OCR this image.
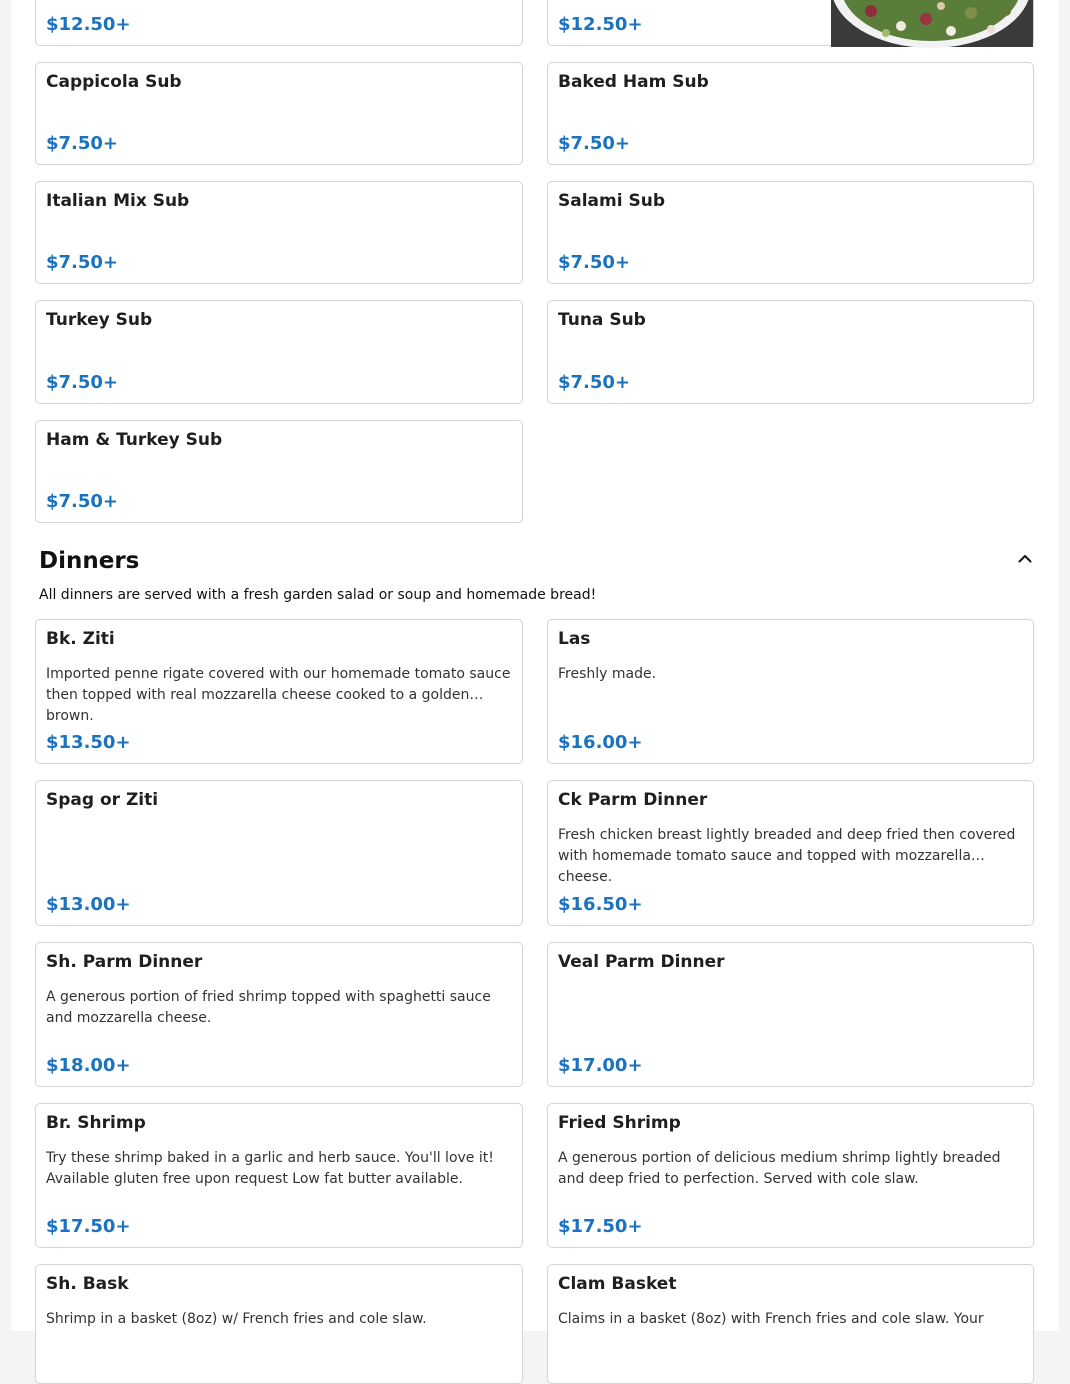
$12.50+	$12.50+
Cappicola Sub
$7.50+
Baked Ham Sub
$7.50+
Italian Mix Sub
$7.50+
Salami Sub
$7.50+
Turkey Sub
$7.50+
Tuna Sub
$7.50+
Ham & Turkey Sub
$7.50+
Dinners
All dinners are served with a fresh garden salad or soup and homemade bread!
Bk. Ziti
Imported penne rigate covered with our homemade tomato sauce then topped with real mozzarella cheese cooked to a golden brown.
$13.50+
Las
Freshly made.
$16.00+
Spag or Ziti
$13.00+
Ck Parm Dinner
Fresh chicken breast lightly breaded and deep fried then covered with homemade tomato sauce and topped with mozzarella cheese.
$16.50+
Sh. Parm Dinner
A generous portion of fried shrimp topped with spaghetti sauce and mozzarella cheese.
$18.00+
Veal Parm Dinner
$17.00+
Br. Shrimp
Try these shrimp baked in a garlic and herb sauce. You'll love it! Available gluten free upon request Low fat butter available.
$17.50+
Fried Shrimp
A generous portion of delicious medium shrimp lightly breaded and deep fried to perfection. Served with cole slaw.
$17.50+
Sh. Bask
Shrimp in a basket (8oz) w/ French fries and cole slaw.
Clam Basket
Claims in a basket (8oz) with French fries and cole slaw. Your
